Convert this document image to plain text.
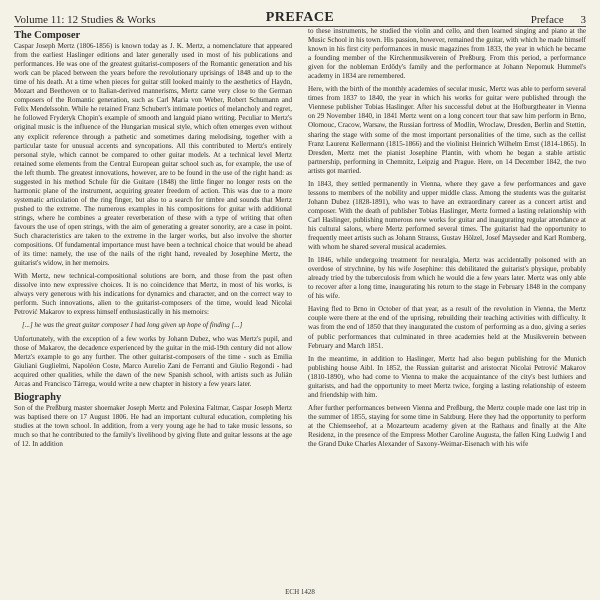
Volume 11: 12 Studies & Works	PREFACE	Preface 3
The Composer

Caspar Joseph Mertz (1806-1856) is known today as J. K. Mertz, a nomenclature that appeared from the earliest Haslinger editions and later generally used in most of his publications and performances. He was one of the greatest guitarist-composers of the Romantic generation and his work can be placed between the years before the revolutionary uprisings of 1848 and up to the time of his death. At a time when pieces for guitar still looked mainly to the aesthetics of Haydn, Mozart and Beethoven or to Italian-derived mannerisms, Mertz came very close to the German composers of the Romantic generation, such as Carl Maria von Weber, Robert Schumann and Felix Mendelssohn. While he retained Franz Schubert's intimate poetics of melancholy and regret, he followed Fryderyk Chopin's example of smooth and languid piano writing. Peculiar to Mertz's original music is the influence of the Hungarian musical style, which often emerges even without any explicit reference through a pathetic and sometimes daring melodising, together with a particular taste for unusual accents and syncopations. All this contributed to Mertz's entirely personal style, which cannot be compared to other guitar models. At a technical level Mertz retained some elements from the Central European guitar school such as, for example, the use of the left thumb. The greatest innovations, however, are to be found in the use of the right hand: as suggested in his method Schule für die Guitare (1848) the little finger no longer rests on the harmonic plane of the instrument, acquiring greater freedom of action. This was due to a more systematic articulation of the ring finger, but also to a search for timbre and sounds that Mertz pushed to the extreme. The numerous examples in his compositions for guitar with additional strings, where he combines a greater reverberation of these with a type of writing that often favours the use of open strings, with the aim of generating a greater sonority, are a case in point. Such characteristics are taken to the extreme in the larger works, but also involve the shorter compositions. Of fundamental importance must have been a technical choice that would be ahead of its time: namely, the use of the nails of the right hand, revealed by Josephine Mertz, the guitarist's widow, in her memoirs.

With Mertz, new technical-compositional solutions are born, and those from the past often dissolve into new expressive choices. It is no coincidence that Mertz, in most of his works, is always very generous with his indications for dynamics and character, and on the correct way to perform. Such innovations, alien to the guitarist-composers of the time, would lead Nicolai Petrović Makarov to express himself enthusiastically in his memoirs:

[...] he was the great guitar composer I had long given up hope of finding [...]

Unfortunately, with the exception of a few works by Johann Dubez, who was Mertz's pupil, and those of Makarov, the decadence experienced by the guitar in the mid-19th century did not allow Mertz's example to go any further. The other guitarist-composers of the time - such as Emilia Giuliani Guglielmi, Napoléon Coste, Marco Aurelio Zani de Ferranti and Giulio Regondi - had acquired other qualities, while the dawn of the new Spanish school, with artists such as Julián Arcas and Francisco Tárrega, would write a new chapter in history a few years later.

Biography

Son of the Preßburg master shoemaker Joseph Mertz and Polexina Faltmar, Caspar Joseph Mertz was baptised there on 17 August 1806. He had an important cultural education, completing his studies at the town school. In addition, from a very young age he had to take music lessons, so much so that he contributed to the family's livelihood by giving flute and guitar lessons at the age of 12. In addition

to these instruments, he studied the violin and cello, and then learned singing and piano at the Music School in his town. His passion, however, remained the guitar, with which he made himself known in his first city performances in music magazines from 1833, the year in which he became a founding member of the Kirchenmusikverein of Preßburg. From this period, a performance given for the nobleman Erdődy's family and the performance at Johann Nepomuk Hummel's academy in 1834 are remembered.

Here, with the birth of the monthly academies of secular music, Mertz was able to perform several times from 1837 to 1840, the year in which his works for guitar were published through the Viennese publisher Tobias Haslinger. After his successful debut at the Hofburgtheater in Vienna on 29 November 1840, in 1841 Mertz went on a long concert tour that saw him perform in Brno, Olomouc, Cracow, Warsaw, the Russian fortress of Modlin, Wroclaw, Dresden, Berlin and Stettin, sharing the stage with some of the most important personalities of the time, such as the cellist Franz Laurenz Kellermann (1815-1866) and the violinist Heinrich Wilhelm Ernst (1814-1865). In Dresden, Mertz met the pianist Josephine Plantin, with whom he began a stable artistic partnership, performing in Chemnitz, Leipzig and Prague. Here, on 14 December 1842, the two artists got married.

In 1843, they settled permanently in Vienna, where they gave a few performances and gave lessons to members of the nobility and upper middle class. Among the students was the guitarist Johann Dubez (1828-1891), who was to have an extraordinary career as a concert artist and composer. With the death of publisher Tobias Haslinger, Mertz formed a lasting relationship with Carl Haslinger, publishing numerous new works for guitar and inaugurating regular attendance at his cultural salons, where Mertz performed several times. The guitarist had the opportunity to frequently meet artists such as Johann Strauss, Gustav Hölzel, Josef Mayseder and Karl Romberg, with whom he shared several musical academies.

In 1846, while undergoing treatment for neuralgia, Mertz was accidentally poisoned with an overdose of strychnine, by his wife Josephine: this debilitated the guitarist's physique, probably already tried by the tuberculosis from which he would die a few years later. Mertz was only able to recover after a long time, inaugurating his return to the stage in February 1848 in the company of his wife.

Having fled to Brno in October of that year, as a result of the revolution in Vienna, the Mertz couple were there at the end of the uprising, rebuilding their teaching activities with difficulty. It was from the end of 1850 that they inaugurated the custom of performing as a duo, giving a series of public performances that culminated in three academies held at the Musikverein between February and March 1851.

In the meantime, in addition to Haslinger, Mertz had also begun publishing for the Munich publishing house Aibl. In 1852, the Russian guitarist and aristocrat Nicolai Petrović Makarov (1810-1890), who had come to Vienna to make the acquaintance of the city's best luthiers and guitarists, and had the opportunity to meet Mertz twice, forging a lasting relationship of esteem and friendship with him.

After further performances between Vienna and Preßburg, the Mertz couple made one last trip in the summer of 1855, staying for some time in Salzburg. Here they had the opportunity to perform at the Chiemseehof, at a Mozarteum academy given at the Rathaus and finally at the Alte Residenz, in the presence of the Empress Mother Caroline Augusta, the fallen King Ludwig I and the Grand Duke Charles Alexander of Saxony-Weimar-Eisenach with his wife

ECH 1428
